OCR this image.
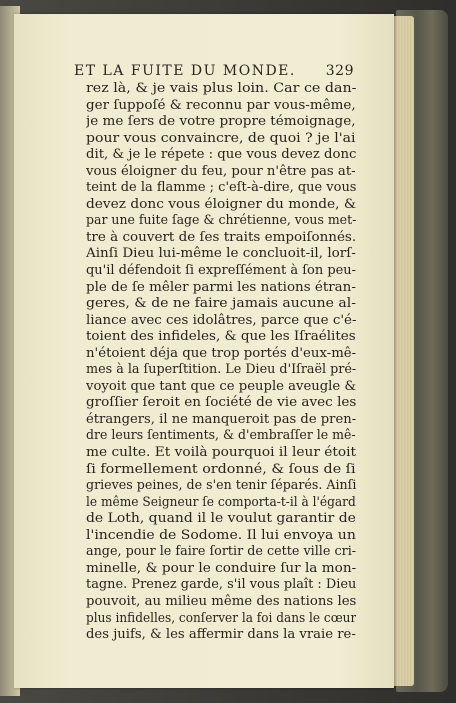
ET LA FUITE DU MONDE. 329
rez là, & je vais plus loin. Car ce dan-
ger ſuppoſé & reconnu par vous-même,
je me ſers de votre propre témoignage,
pour vous convaincre, de quoi ? je l'ai
dit, & je le répete : que vous devez donc
vous éloigner du feu, pour n'être pas at-
teint de la flamme ; c'eſt-à-dire, que vous
devez donc vous éloigner du monde, &
par une fuite ſage & chrétienne, vous met-
tre à couvert de ſes traits empoiſonnés.
Ainſi Dieu lui-même le concluoit-il, lorſ-
qu'il défendoit ſi expreſſément à ſon peu-
ple de ſe mêler parmi les nations étran-
geres, & de ne faire jamais aucune al-
liance avec ces idolâtres, parce que c'é-
toient des infideles, & que les Iſraélites
n'étoient déja que trop portés d'eux-mê-
mes à la ſuperſtition. Le Dieu d'Iſraël pré-
voyoit que tant que ce peuple aveugle &
groſſier ſeroit en ſociété de vie avec les
étrangers, il ne manqueroit pas de pren-
dre leurs ſentiments, & d'embraſſer le mê-
me culte. Et voilà pourquoi il leur étoit
ſi formellement ordonné, & ſous de ſi
grieves peines, de s'en tenir ſéparés. Ainſi
le même Seigneur ſe comporta-t-il à l'égard
de Loth, quand il le voulut garantir de
l'incendie de Sodome. Il lui envoya un
ange, pour le faire ſortir de cette ville cri-
minelle, & pour le conduire ſur la mon-
tagne. Prenez garde, s'il vous plaît : Dieu
pouvoit, au milieu même des nations les
plus infidelles, conſerver la foi dans le cœur
des juifs, & les affermir dans la vraie re-
